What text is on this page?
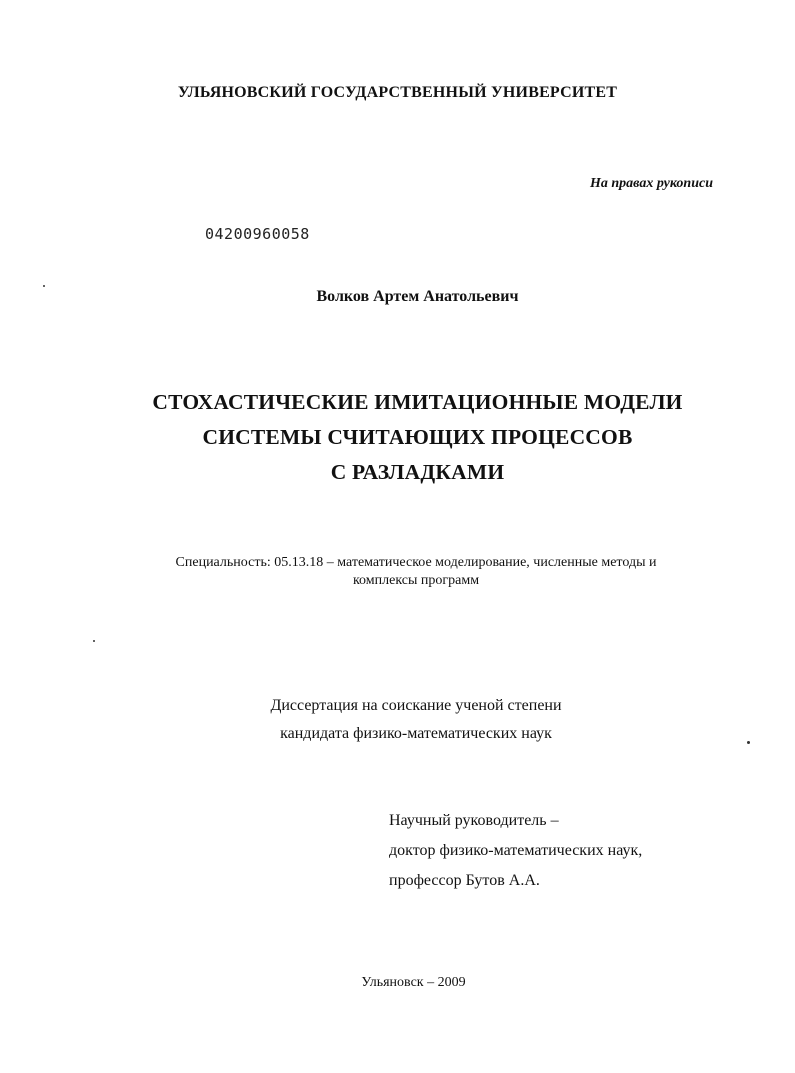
УЛЬЯНОВСКИЙ ГОСУДАРСТВЕННЫЙ УНИВЕРСИТЕТ
На правах рукописи
04200960058
Волков Артем Анатольевич
СТОХАСТИЧЕСКИЕ ИМИТАЦИОННЫЕ МОДЕЛИ
СИСТЕМЫ СЧИТАЮЩИХ ПРОЦЕССОВ
С РАЗЛАДКАМИ
Специальность: 05.13.18 – математическое моделирование, численные методы и
комплексы программ
Диссертация на соискание ученой степени
кандидата физико-математических наук
Научный руководитель –
доктор физико-математических наук,
профессор Бутов А.А.
Ульяновск – 2009
